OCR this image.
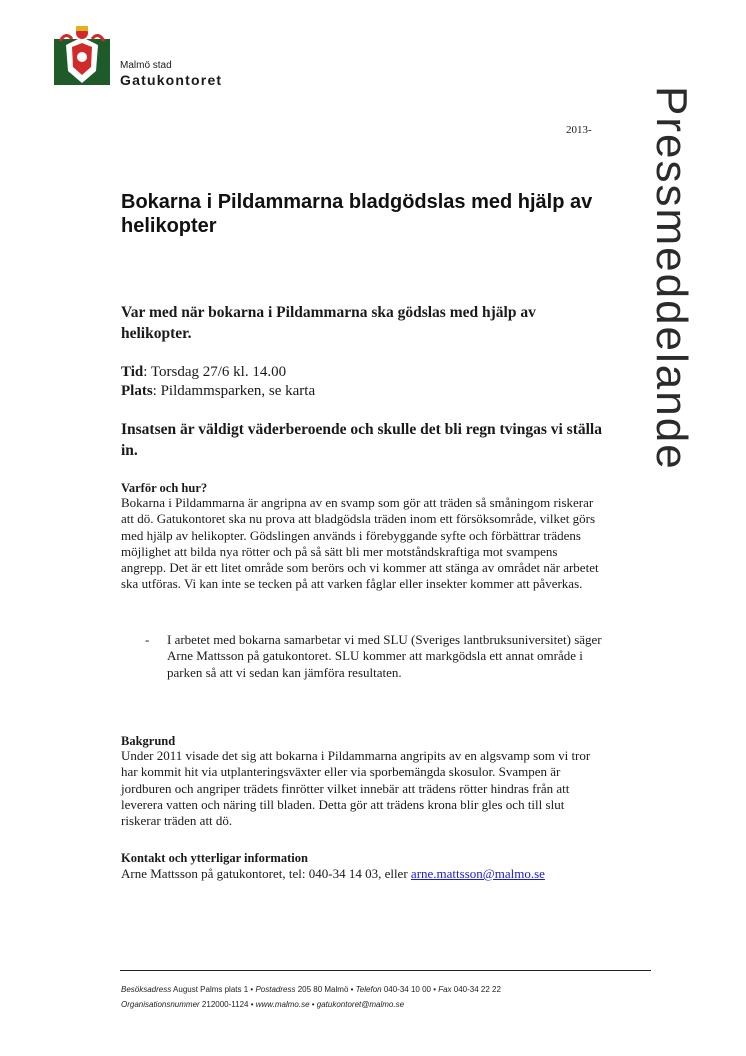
Malmö stad
Gatukontoret
2013- Pressmeddelande
Bokarna i Pildammarna bladgödslas med hjälp av helikopter
Var med när bokarna i Pildammarna ska gödslas med hjälp av helikopter.
Tid: Torsdag 27/6 kl. 14.00
Plats: Pildammsparken, se karta
Insatsen är väldigt väderberoende och skulle det bli regn tvingas vi ställa in.
Varför och hur?
Bokarna i Pildammarna är angripna av en svamp som gör att träden så småningom riskerar att dö. Gatukontoret ska nu prova att bladgödsla träden inom ett försöksområde, vilket görs med hjälp av helikopter. Gödslingen används i förebyggande syfte och förbättrar trädens möjlighet att bilda nya rötter och på så sätt bli mer motståndskraftiga mot svampens angrepp. Det är ett litet område som berörs och vi kommer att stänga av området när arbetet ska utföras. Vi kan inte se tecken på att varken fåglar eller insekter kommer att påverkas.
- I arbetet med bokarna samarbetar vi med SLU (Sveriges lantbruksuniversitet) säger Arne Mattsson på gatukontoret. SLU kommer att markgödsla ett annat område i parken så att vi sedan kan jämföra resultaten.
Bakgrund
Under 2011 visade det sig att bokarna i Pildammarna angripits av en algsvamp som vi tror har kommit hit via utplanteringsväxter eller via sporbemängda skosulor. Svampen är jordburen och angriper trädets finrötter vilket innebär att trädens rötter hindras från att leverera vatten och näring till bladen. Detta gör att trädens krona blir gles och till slut riskerar träden att dö.
Kontakt och ytterligar information
Arne Mattsson på gatukontoret, tel: 040-34 14 03, eller arne.mattsson@malmo.se
Besöksadress August Palms plats 1 • Postadress 205 80 Malmö • Telefon 040-34 10 00 • Fax 040-34 22 22
Organisationsnummer 212000-1124 • www.malmo.se • gatukontoret@malmo.se
